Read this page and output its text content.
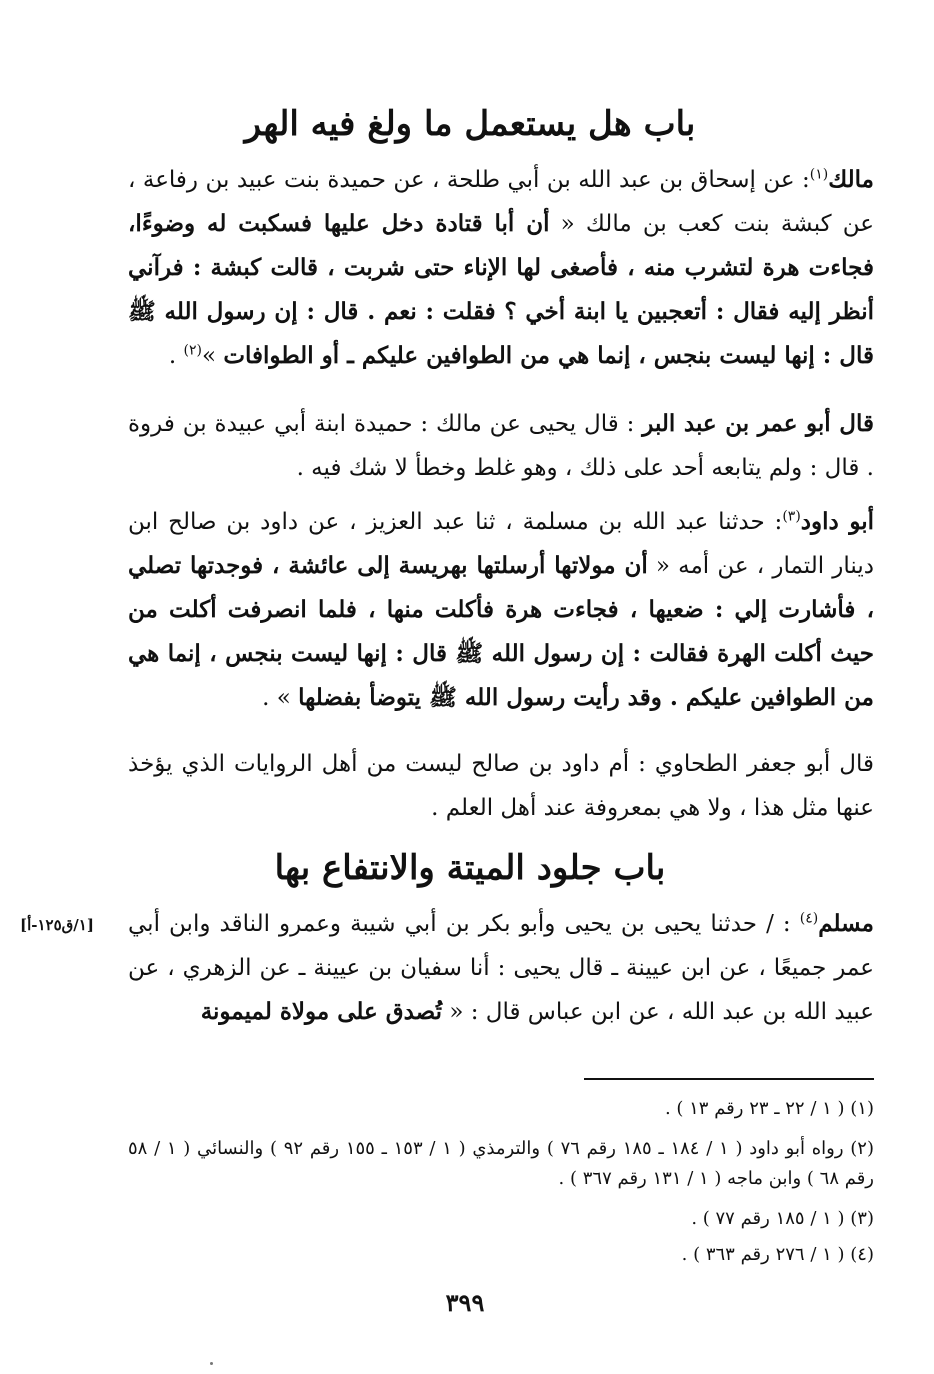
باب هل يستعمل ما ولغ فيه الهر
مالك$^{(١)}$: عن إسحاق بن عبد الله بن أبي طلحة ، عن حميدة بنت عبيد بن رفاعة ، عن كبشة بنت كعب بن مالك « أن أبا قتادة دخل عليها فسكبت له وضوءًا، فجاءت هرة لتشرب منه ، فأصغى لها الإناء حتى شربت ، قالت كبشة : فرآني أنظر إليه فقال : أتعجبين يا ابنة أخي ؟ فقلت : نعم . قال : إن رسول الله ﷺ قال : إنها ليست بنجس ، إنما هي من الطوافين عليكم ـ أو الطوافات »$^{(٢)}$ .
قال أبو عمر بن عبد البر : قال يحيى عن مالك : حميدة ابنة أبي عبيدة بن فروة . قال : ولم يتابعه أحد على ذلك ، وهو غلط وخطأ لا شك فيه .
أبو داود$^{(٣)}$: حدثنا عبد الله بن مسلمة ، ثنا عبد العزيز ، عن داود بن صالح ابن دينار التمار ، عن أمه « أن مولاتها أرسلتها بهريسة إلى عائشة ، فوجدتها تصلي ، فأشارت إلي : ضعيها ، فجاءت هرة فأكلت منها ، فلما انصرفت أكلت من حيث أكلت الهرة فقالت : إن رسول الله ﷺ قال : إنها ليست بنجس ، إنما هي من الطوافين عليكم . وقد رأيت رسول الله ﷺ يتوضأ بفضلها » .
قال أبو جعفر الطحاوي : أم داود بن صالح ليست من أهل الروايات الذي يؤخذ عنها مثل هذا ، ولا هي بمعروفة عند أهل العلم .
باب جلود الميتة والانتفاع بها
[١/ق١٢٥-أ]	مسلم$^{(٤)}$ : / حدثنا يحيى بن يحيى وأبو بكر بن أبي شيبة وعمرو الناقد وابن أبي عمر جميعًا ، عن ابن عيينة ـ قال يحيى : أنا سفيان بن عيينة ـ عن الزهري ، عن عبيد الله بن عبد الله ، عن ابن عباس قال : « تُصدق على مولاة لميمونة
(١) ( ١ / ٢٢ ـ ٢٣ رقم ١٣ ) .
(٢) رواه أبو داود ( ١ / ١٨٤ ـ ١٨٥ رقم ٧٦ ) والترمذي ( ١ / ١٥٣ ـ ١٥٥ رقم ٩٢ ) والنسائي ( ١ / ٥٨ رقم ٦٨ ) وابن ماجه ( ١ / ١٣١ رقم ٣٦٧ ) .
(٣) ( ١ / ١٨٥ رقم ٧٧ ) .
(٤) ( ١ / ٢٧٦ رقم ٣٦٣ ) .
٣٩٩
